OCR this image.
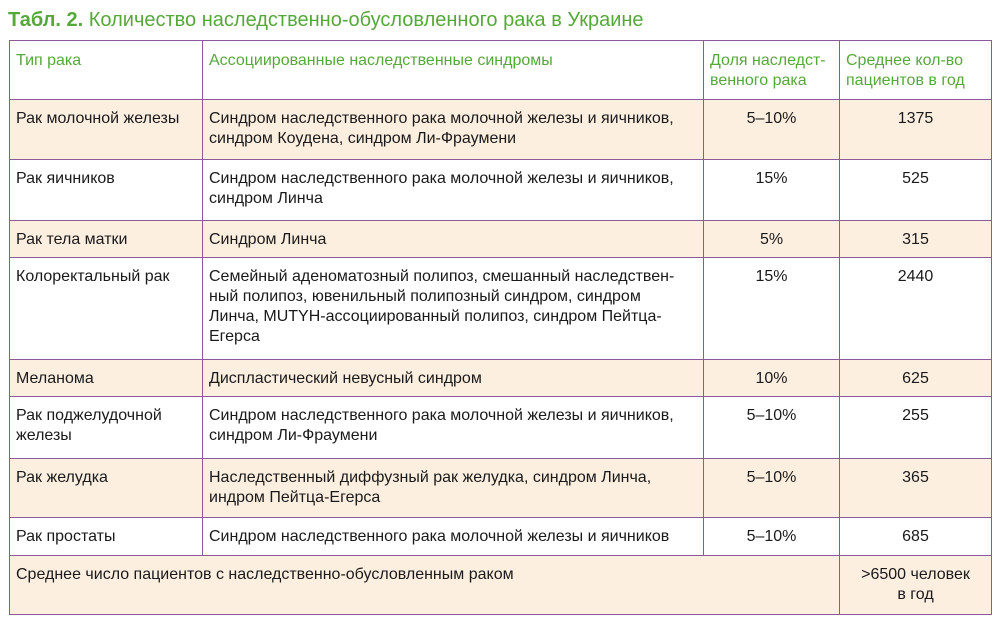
Табл. 2. Количество наследственно-обусловленного рака в Украине
Тип рака	Ассоциированные наследственные синдромы	Доля наследст-
венного рака	Среднее кол-во
пациентов в год

Рак молочной железы	Синдром наследственного рака молочной железы и яичников,
синдром Коудена, синдром Ли-Фраумени	5–10%	1375
Рак яичников	Синдром наследственного рака молочной железы и яичников,
синдром Линча	15%	525
Рак тела матки	Синдром Линча	5%	315
Колоректальный рак	Семейный аденоматозный полипоз, смешанный наследствен-
ный полипоз, ювенильный полипозный синдром, синдром
Линча, MUTYH-ассоциированный полипоз, синдром Пейтца-
Егерса	15%	2440
Меланома	Диспластический невусный синдром	10%	625
Рак поджелудочной
железы	Синдром наследственного рака молочной железы и яичников,
синдром Ли-Фраумени	5–10%	255
Рак желудка	Наследственный диффузный рак желудка, синдром Линча,
индром Пейтца-Егерса	5–10%	365
Рак простаты	Синдром наследственного рака молочной железы и яичников	5–10%	685
Среднее число пациентов с наследственно-обусловленным раком			>6500 человек
в год
